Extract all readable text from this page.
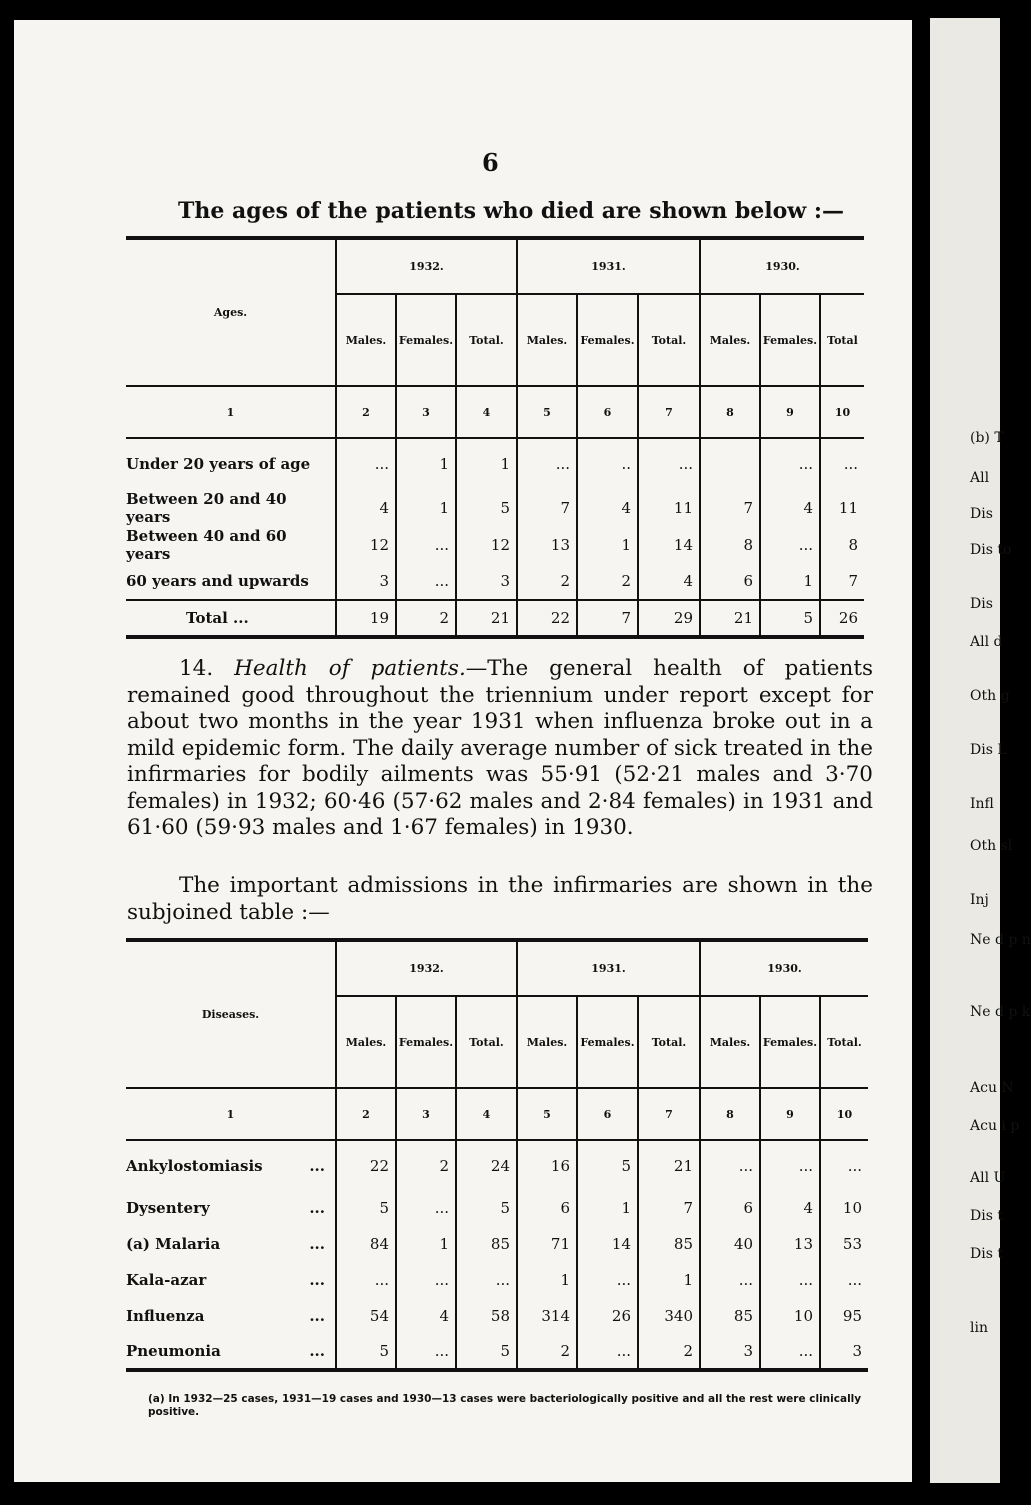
(b) T
All
Dis
Dis to
Dis
All d
Oth g
Dis L
Infl
Oth sl
Inj
Ne d p n
Ne d p k
Acu N
Acu i p
All U
Dis t
Dis t
lin
6
The ages of the patients who died are shown below :—
Ages.	1932.			1931.			1930.		
	Males.	Females.	Total.	Males.	Females.	Total.	Males.	Females.	Total
1	2	3	4	5	6	7	8	9	10
Under 20 years of age	...	1	1	...	..	...		...	...
Between 20 and 40 years	4	1	5	7	4	11	7	4	11
Between 40 and 60 years	12	...	12	13	1	14	8	...	8
60 years and upwards	3	...	3	2	2	4	6	1	7
Total ...	19	2	21	22	7	29	21	5	26
14. Health of patients.—The general health of patients remained good throughout the triennium under report except for about two months in the year 1931 when influenza broke out in a mild epidemic form. The daily average number of sick treated in the infirmaries for bodily ailments was 55·91 (52·21 males and 3·70 females) in 1932; 60·46 (57·62 males and 2·84 females) in 1931 and 61·60 (59·93 males and 1·67 females) in 1930.
The important admissions in the infirmaries are shown in the subjoined table :—
Diseases.	1932.			1931.			1930.		
	Males.	Females.	Total.	Males.	Females.	Total.	Males.	Females.	Total.
1	2	3	4	5	6	7	8	9	10
Ankylostomiasis ...	22	2	24	16	5	21	...	...	...
Dysentery ...	5	...	5	6	1	7	6	4	10
(a) Malaria ...	84	1	85	71	14	85	40	13	53
Kala-azar ...	...	...	...	1	...	1	...	...	...
Influenza ...	54	4	58	314	26	340	85	10	95
Pneumonia ...	5	...	5	2	...	2	3	...	3
(a) In 1932—25 cases, 1931—19 cases and 1930—13 cases were bacteriologically positive and all the rest were clinically positive.
